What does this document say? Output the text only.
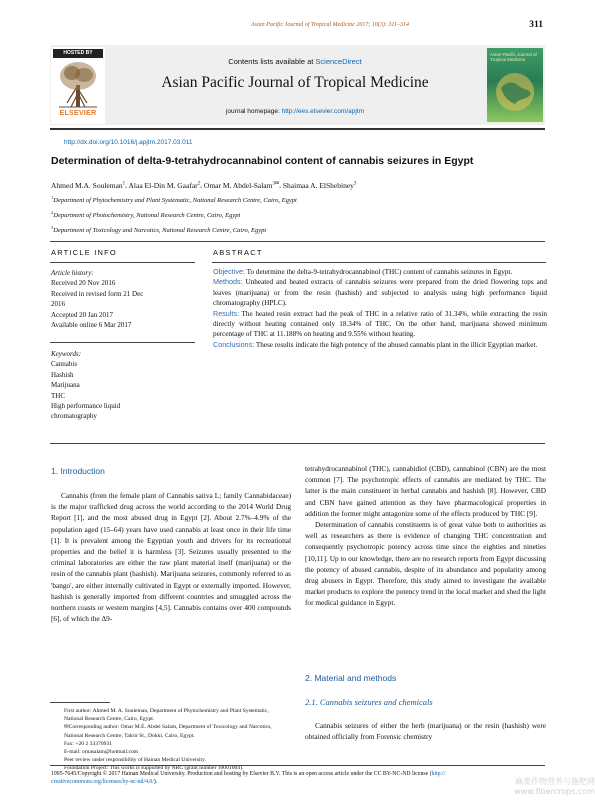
Asian Pacific Journal of Tropical Medicine 2017; 10(3): 311–314	311
HOSTED BY
ELSEVIER
Contents lists available at ScienceDirect
Asian Pacific Journal of Tropical Medicine
journal homepage: http://ees.elsevier.com/apjtm
Asian Pacific Journal of Tropical Medicine
http://dx.doi.org/10.1016/j.apjtm.2017.03.011
Determination of delta-9-tetrahydrocannabinol content of cannabis seizures in Egypt
Ahmed M.A. Souleman$^1$, Alaa El-Din M. Gaafar$^2$, Omar M. Abdel-Salam$^{3✉}$, Shaimaa A. ElShebiney$^3$
$^1$Department of Phytochemistry and Plant Systematic, National Research Centre, Cairo, Egypt
$^2$Department of Photochemistry, National Research Centre, Cairo, Egypt
$^3$Department of Toxicology and Narcotics, National Research Centre, Cairo, Egypt
ARTICLE INFO	ABSTRACT
Article history:
Received 20 Nov 2016
Received in revised form 21 Dec
2016
Accepted 20 Jan 2017
Available online 6 Mar 2017
Keywords:
Cannabis
Hashish
Marijuana
THC
High performance liquid
chromatography
Objective: To determine the delta-9-tetrahydrocannabinol (THC) content of cannabis seizures in Egypt.
Methods: Unheated and heated extracts of cannabis seizures were prepared from the dried flowering tops and leaves (marijuana) or from the resin (hashish) and subjected to analysis using high performance liquid chromatography (HPLC).
Results: The heated resin extract had the peak of THC in a relative ratio of 31.34%, while extracting the resin directly without heating contained only 18.34% of THC. On the other hand, marijuana showed minimum percentage of THC at 11.188% on heating and 9.55% without heating.
Conclusions: These results indicate the high potency of the abused cannabis plant in the illicit Egyptian market.
1. Introduction

Cannabis (from the female plant of Cannabis sativa L; family Cannabidaceae) is the major trafficked drug across the world according to the 2014 World Drug Report [1], and the most abused drug in Egypt [2]. About 2.7%–4.9% of the population aged (15–64) years have used cannabis at least once in their life time [1]. It is prevalent among the Egyptian youth and drivers for its recreational properties and the belief it is harmless [3]. Seizures usually presented to the criminal laboratories are either the raw plant material itself (marijuana) or the resin of the cannabis plant (hashish). Marijuana seizures, commonly referred to as 'bango', are either internally cultivated in Egypt or externally imported. However, hashish is generally imported from different countries and smuggled across the northern coasts or western margins [4,5]. Cannabis contains over 400 compounds [6], of which the Δ9-

First author: Ahmed M. A. Souleman, Department of Phytochemistry and Plant Systematic, National Research Centre, Cairo, Egypt.
✉Corresponding author: Omar M.E. Abdel Salam, Department of Toxicology and Narcotics, National Research Centre, Tahrir St., Dokki, Cairo, Egypt.
Fax: +20 2 33370931
E-mail: omasalam@hotmail.com
Peer review under responsibility of Hainan Medical University.
Foundation Project: This works is supported by NRC (grant number 10001004).

tetrahydrocannabinol (THC), cannabidiol (CBD), cannabinol (CBN) are the most common [7]. The psychotropic effects of cannabis are mediated by THC. The latter is the main constituent in herbal cannabis and hashish [8]. However, CBD and CBN have gained attention as they have pharmacological properties in addition the former might antagonize some of the effects produced by THC [9].

Determination of cannabis constituents is of great value both to authorities as well as researchers as there is evidence of changing THC concentration and consequently psychotropic potency across time since the eighties and nineties [10,11]. Up to our knowledge, there are no research reports from Egypt discussing the potency of abused cannabis, despite of its abundance and popularity among drug abusers in Egypt. Therefore, this study aimed to investigate the available market products to explore the potency trend in the local market and shed the light for medical guidance in Egypt.

2. Material and methods
2.1. Cannabis seizures and chemicals

Cannabis seizures of either the herb (marijuana) or the resin (hashish) were obtained officially from Forensic chemistry

1995-7645/Copyright © 2017 Hainan Medical University. Production and hosting by Elsevier B.V. This is an open access article under the CC BY-NC-ND license (http://
creativecommons.org/licenses/by-nc-nd/4.0/).	麻类作物营养与施肥网
www.fibercrops.com
